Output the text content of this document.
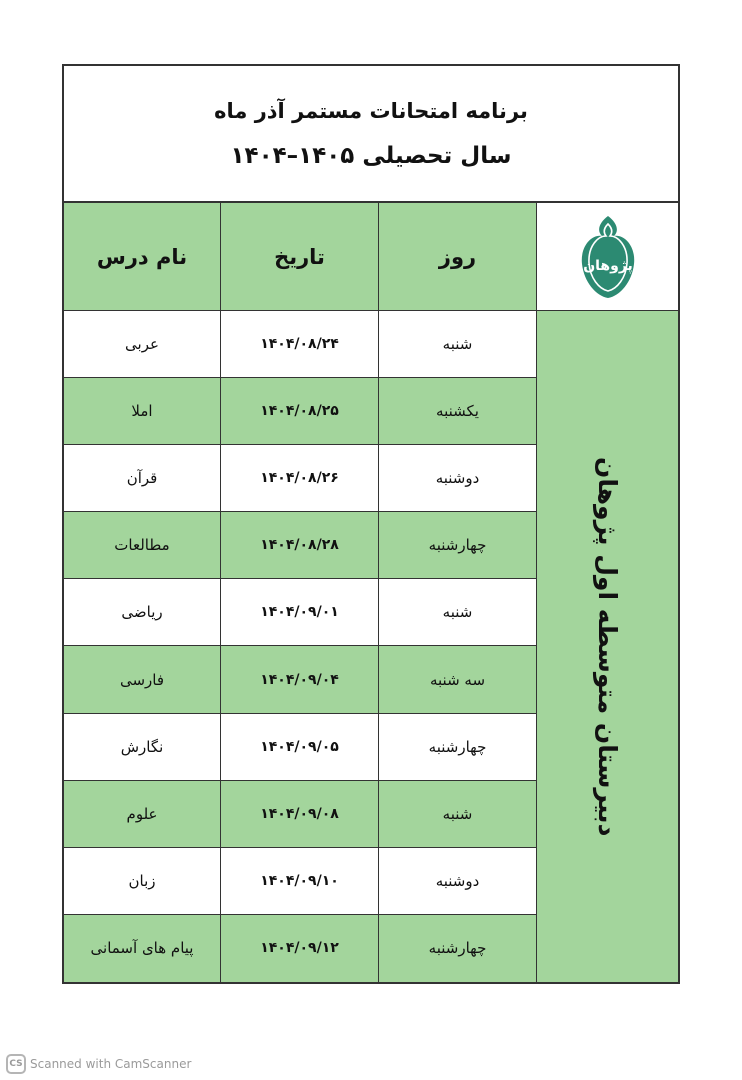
برنامه امتحانات مستمر آذر ماه
سال تحصیلی ۱۴۰۵–۱۴۰۴
نام درس	تاریخ	روز	پژوهان
عربی	۱۴۰۴/۰۸/۲۴	شنبه
دبیرستان متوسطه اول پژوهان
املا	۱۴۰۴/۰۸/۲۵	یکشنبه
قرآن	۱۴۰۴/۰۸/۲۶	دوشنبه
مطالعات	۱۴۰۴/۰۸/۲۸	چهارشنبه
ریاضی	۱۴۰۴/۰۹/۰۱	شنبه
فارسی	۱۴۰۴/۰۹/۰۴	سه شنبه
نگارش	۱۴۰۴/۰۹/۰۵	چهارشنبه
علوم	۱۴۰۴/۰۹/۰۸	شنبه
زبان	۱۴۰۴/۰۹/۱۰	دوشنبه
پیام های آسمانی	۱۴۰۴/۰۹/۱۲	چهارشنبه
CS Scanned with CamScanner
